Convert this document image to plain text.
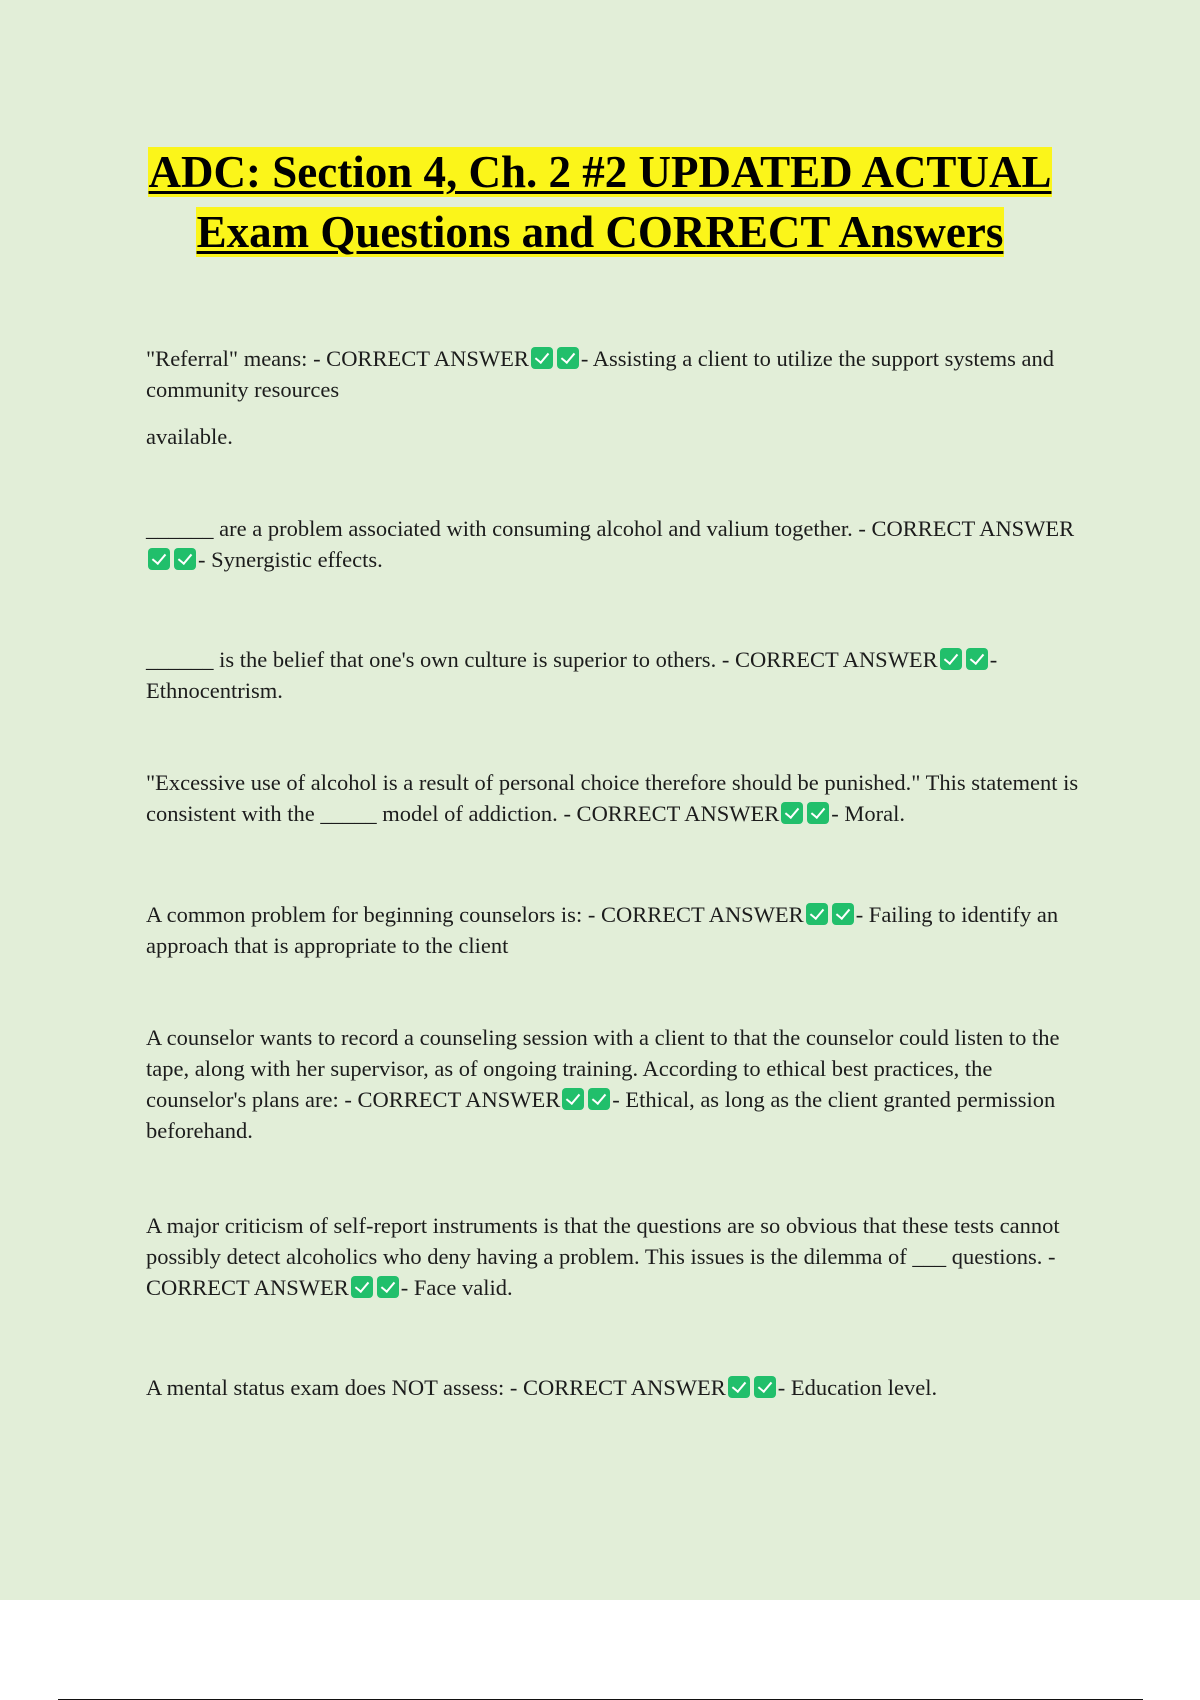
ADC: Section 4, Ch. 2 #2 UPDATED ACTUAL Exam Questions and CORRECT Answers

"Referral" means: - CORRECT ANSWER - Assisting a client to utilize the support systems and community resources

available.

______ are a problem associated with consuming alcohol and valium together. - CORRECT ANSWER- Synergistic effects.

______ is the belief that one's own culture is superior to others. - CORRECT ANSWER - Ethnocentrism.

"Excessive use of alcohol is a result of personal choice therefore should be punished." This statement is consistent with the _____ model of addiction. - CORRECT ANSWER - Moral.

A common problem for beginning counselors is: - CORRECT ANSWER - Failing to identify an approach that is appropriate to the client

A counselor wants to record a counseling session with a client to that the counselor could listen to the tape, along with her supervisor, as of ongoing training. According to ethical best practices, the counselor's plans are: - CORRECT ANSWER - Ethical, as long as the client granted permission beforehand.

A major criticism of self-report instruments is that the questions are so obvious that these tests cannot possibly detect alcoholics who deny having a problem. This issues is the dilemma of ___ questions. - CORRECT ANSWER - Face valid.

A mental status exam does NOT assess: - CORRECT ANSWER - Education level.
